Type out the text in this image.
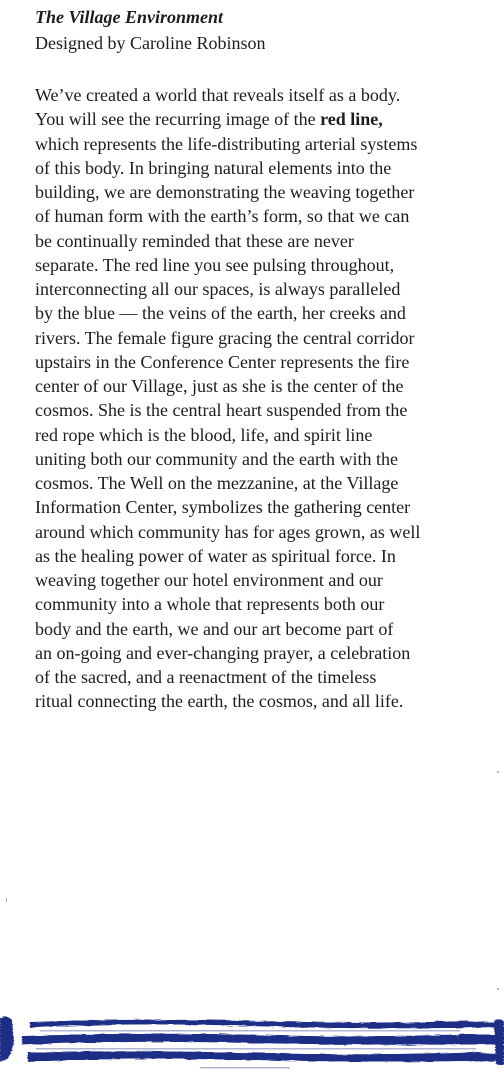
The Village Environment

Designed by Caroline Robinson

We’ve created a world that reveals itself as a body.
You will see the recurring image of the red line,
which represents the life-distributing arterial systems
of this body. In bringing natural elements into the
building, we are demonstrating the weaving together
of human form with the earth’s form, so that we can
be continually reminded that these are never
separate. The red line you see pulsing throughout,
interconnecting all our spaces, is always paralleled
by the blue — the veins of the earth, her creeks and
rivers. The female figure gracing the central corridor
upstairs in the Conference Center represents the fire
center of our Village, just as she is the center of the
cosmos. She is the central heart suspended from the
red rope which is the blood, life, and spirit line
uniting both our community and the earth with the
cosmos. The Well on the mezzanine, at the Village
Information Center, symbolizes the gathering center
around which community has for ages grown, as well
as the healing power of water as spiritual force. In
weaving together our hotel environment and our
community into a whole that represents both our
body and the earth, we and our art become part of
an on-going and ever-changing prayer, a celebration
of the sacred, and a reenactment of the timeless
ritual connecting the earth, the cosmos, and all life.
